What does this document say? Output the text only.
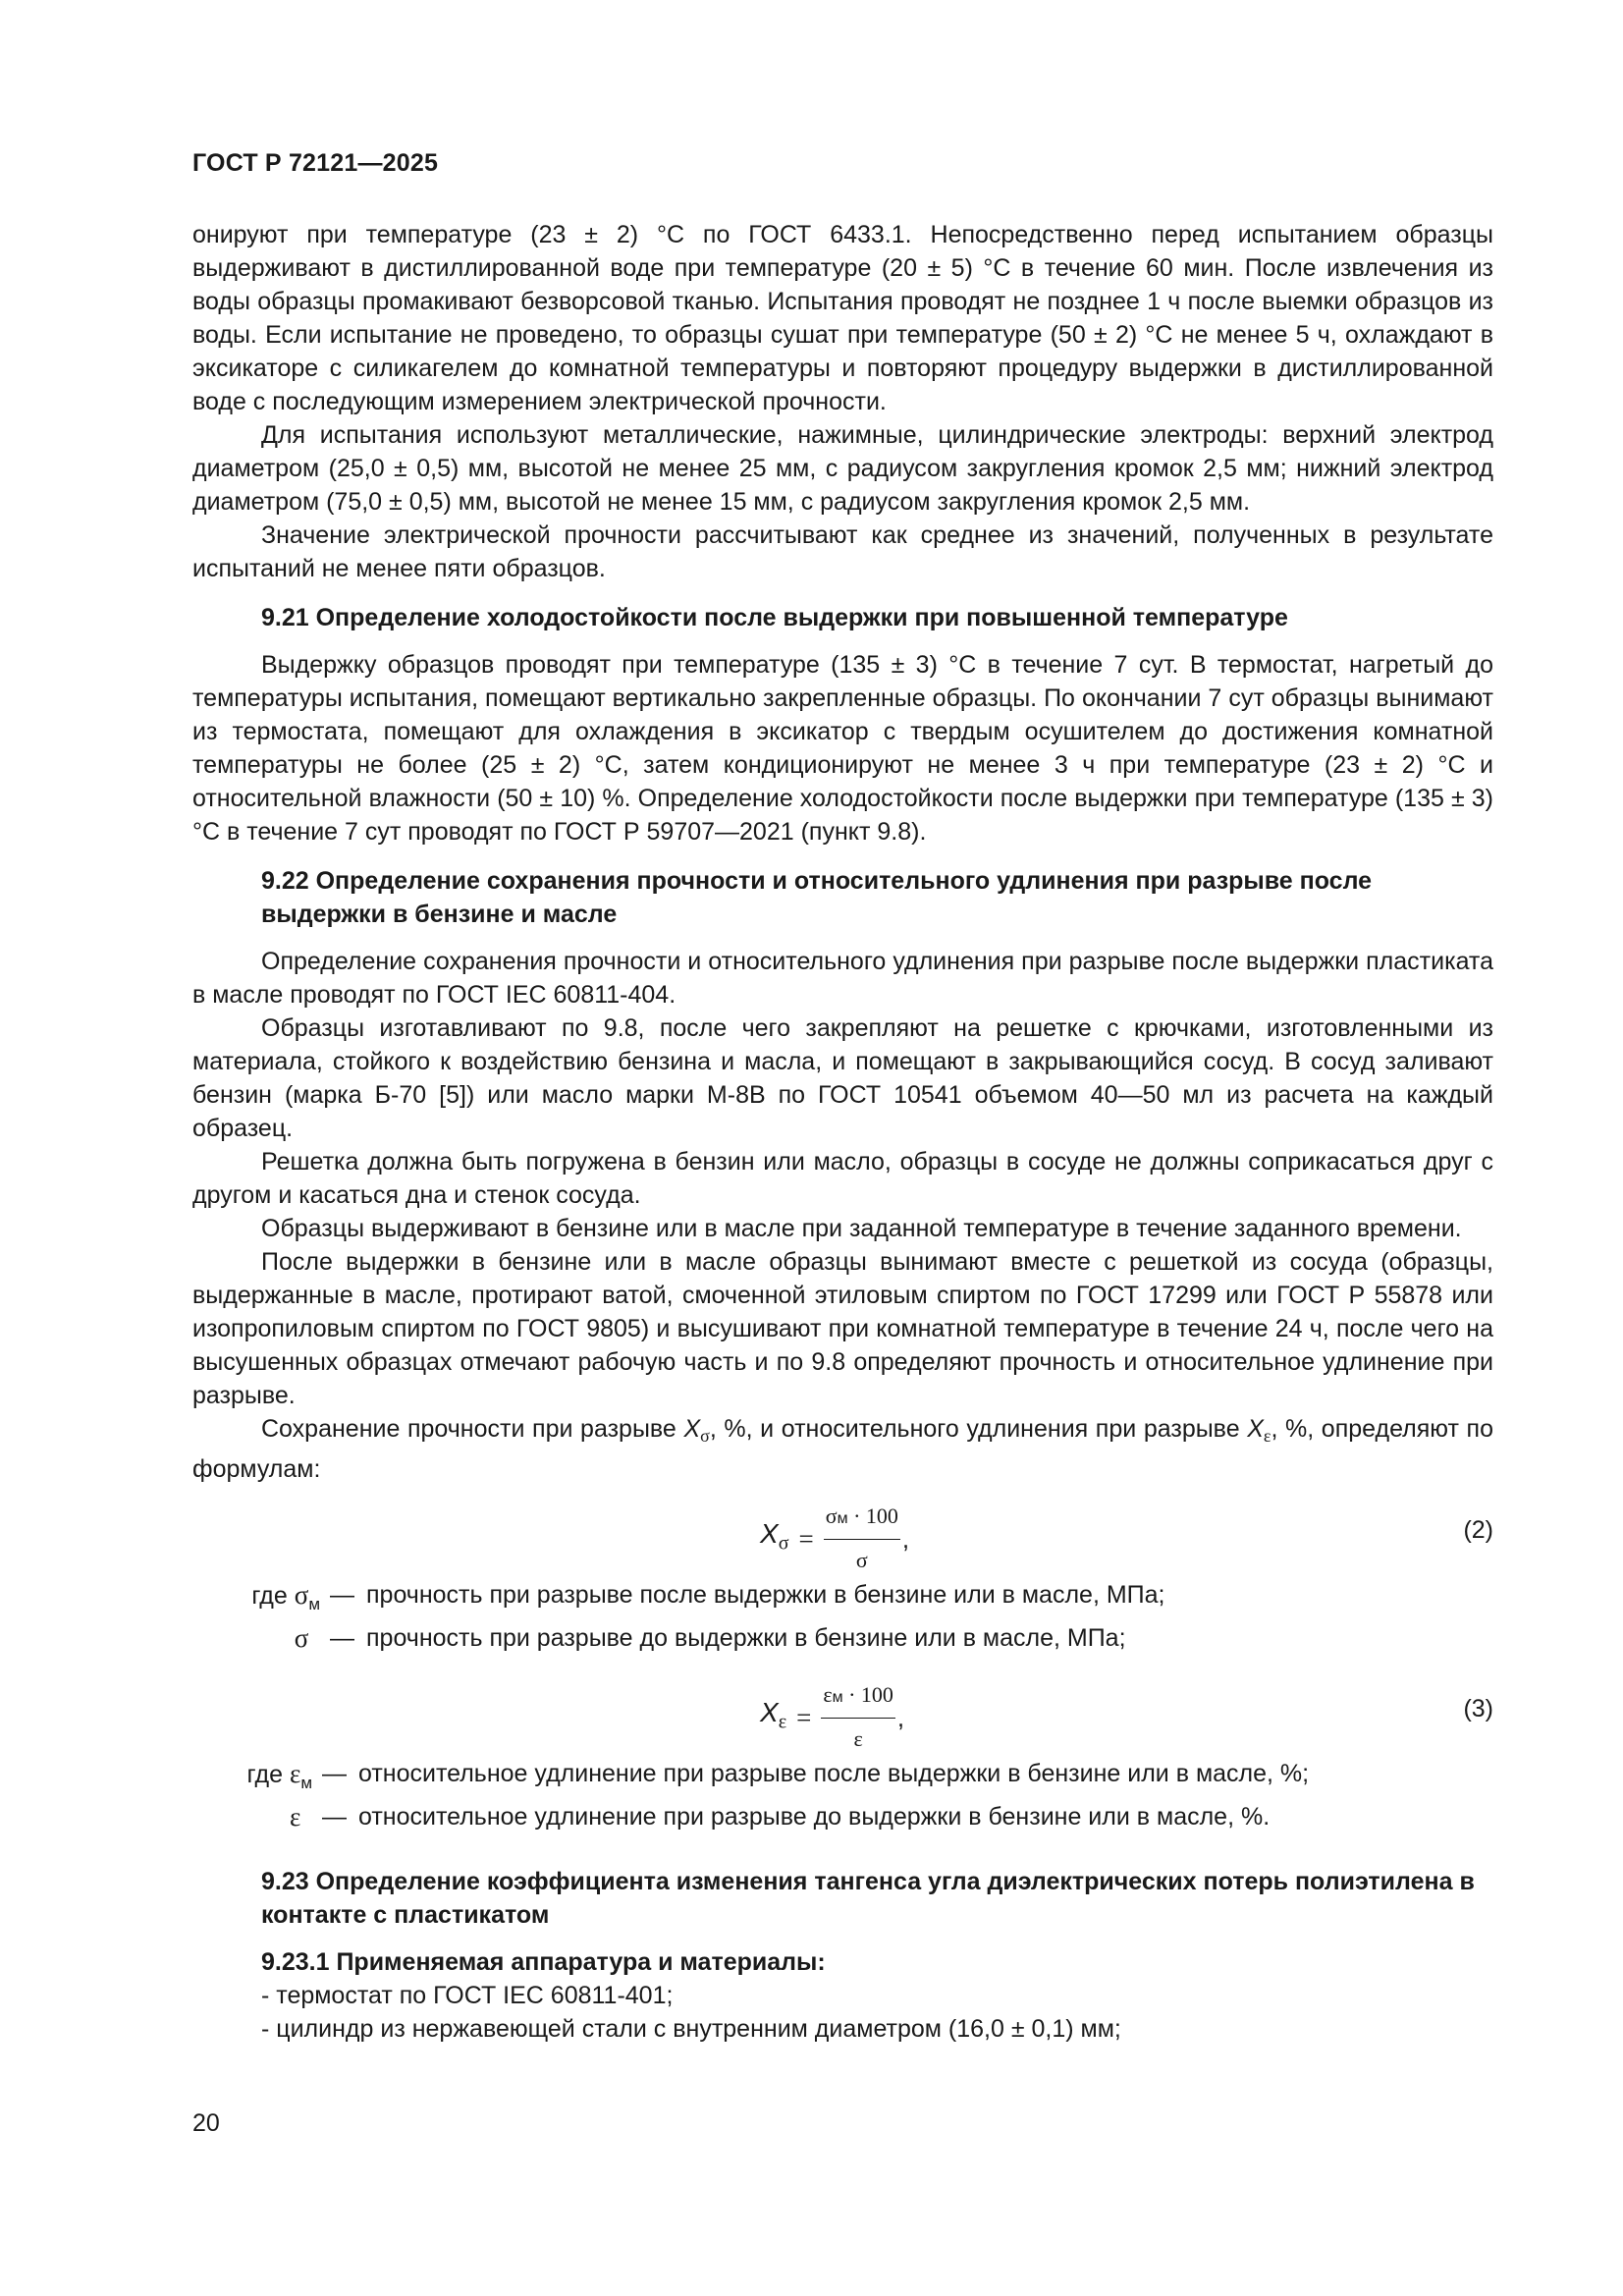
ГОСТ Р 72121—2025

онируют при температуре (23 ± 2) °С по ГОСТ 6433.1. Непосредственно перед испытанием образцы выдерживают в дистиллированной воде при температуре (20 ± 5) °С в течение 60 мин. После извлечения из воды образцы промакивают безворсовой тканью. Испытания проводят не позднее 1 ч после выемки образцов из воды. Если испытание не проведено, то образцы сушат при температуре (50 ± 2) °С не менее 5 ч, охлаждают в эксикаторе с силикагелем до комнатной температуры и повторяют процедуру выдержки в дистиллированной воде с последующим измерением электрической прочности.

Для испытания используют металлические, нажимные, цилиндрические электроды: верхний электрод диаметром (25,0 ± 0,5) мм, высотой не менее 25 мм, с радиусом закругления кромок 2,5 мм; нижний электрод диаметром (75,0 ± 0,5) мм, высотой не менее 15 мм, с радиусом закругления кромок 2,5 мм.

Значение электрической прочности рассчитывают как среднее из значений, полученных в результате испытаний не менее пяти образцов.

9.21 Определение холодостойкости после выдержки при повышенной температуре

Выдержку образцов проводят при температуре (135 ± 3) °С в течение 7 сут. В термостат, нагретый до температуры испытания, помещают вертикально закрепленные образцы. По окончании 7 сут образцы вынимают из термостата, помещают для охлаждения в эксикатор с твердым осушителем до достижения комнатной температуры не более (25 ± 2) °С, затем кондиционируют не менее 3 ч при температуре (23 ± 2) °С и относительной влажности (50 ± 10) %. Определение холодостойкости после выдержки при температуре (135 ± 3) °С в течение 7 сут проводят по ГОСТ Р 59707—2021 (пункт 9.8).

9.22 Определение сохранения прочности и относительного удлинения при разрыве после выдержки в бензине и масле

Определение сохранения прочности и относительного удлинения при разрыве после выдержки пластиката в масле проводят по ГОСТ IEC 60811-404.

Образцы изготавливают по 9.8, после чего закрепляют на решетке с крючками, изготовленными из материала, стойкого к воздействию бензина и масла, и помещают в закрывающийся сосуд. В сосуд заливают бензин (марка Б-70 [5]) или масло марки М-8В по ГОСТ 10541 объемом 40—50 мл из расчета на каждый образец.

Решетка должна быть погружена в бензин или масло, образцы в сосуде не должны соприкасаться друг с другом и касаться дна и стенок сосуда.

Образцы выдерживают в бензине или в масле при заданной температуре в течение заданного времени.

После выдержки в бензине или в масле образцы вынимают вместе с решеткой из сосуда (образцы, выдержанные в масле, протирают ватой, смоченной этиловым спиртом по ГОСТ 17299 или ГОСТ Р 55878 или изопропиловым спиртом по ГОСТ 9805) и высушивают при комнатной температуре в течение 24 ч, после чего на высушенных образцах отмечают рабочую часть и по 9.8 определяют прочность и относительное удлинение при разрыве.

Сохранение прочности при разрыве $X_\sigma$, %, и относительного удлинения при разрыве $X_\varepsilon$, %, определяют по формулам:

$X_\sigma = \frac{\sigma м \cdot 100}{\sigma}$ ,	(2)
где $\sigma_м$ — прочность при разрыве после выдержки в бензине или в масле, МПа;
σ — прочность при разрыве до выдержки в бензине или в масле, МПа;
$X_\varepsilon = \frac{\varepsilon м \cdot 100}{\varepsilon}$ ,	(3)
где $\varepsilon_м$ — относительное удлинение при разрыве после выдержки в бензине или в масле, %;
ε — относительное удлинение при разрыве до выдержки в бензине или в масле, %.
9.23 Определение коэффициента изменения тангенса угла диэлектрических потерь полиэтилена в контакте с пластикатом
9.23.1 Применяемая аппаратура и материалы:
- термостат по ГОСТ IEC 60811-401;
- цилиндр из нержавеющей стали с внутренним диаметром (16,0 ± 0,1) мм;
20
